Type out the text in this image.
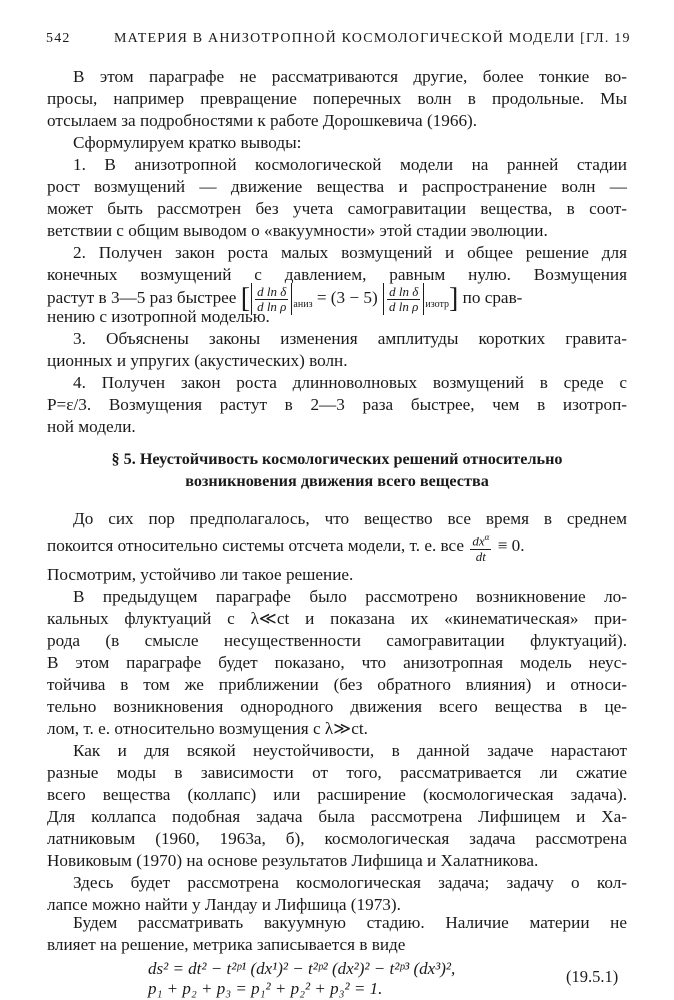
542	МАТЕРИЯ В АНИЗОТРОПНОЙ КОСМОЛОГИЧЕСКОЙ МОДЕЛИ [ГЛ. 19
В этом параграфе не рассматриваются другие, более тонкие во-
просы, например превращение поперечных волн в продольные. Мы
отсылаем за подробностями к работе Дорошкевича (1966).
Сформулируем кратко выводы:
1. В анизотропной космологической модели на ранней стадии
рост возмущений — движение вещества и распространение волн —
может быть рассмотрен без учета самогравитации вещества, в соот-
ветствии с общим выводом о «вакуумности» этой стадии эволюции.
2. Получен закон роста малых возмущений и общее решение для
конечных возмущений с давлением, равным нулю. Возмущения
растут в 3—5 раз быстрее [ $\frac{\text{d ln δ}}{\text{d ln ρ}} _{аниз} = (3 - 5) \frac{\text{d ln δ}}{\text{d ln ρ}} _{изотр}$] по срав-
нению с изотропной моделью.
3. Объяснены законы изменения амплитуды коротких гравита-
ционных и упругих (акустических) волн.
4. Получен закон роста длинноволновых возмущений в среде с
P=ε/3. Возмущения растут в 2—3 раза быстрее, чем в изотроп-
ной модели.
§ 5. Неустойчивость космологических решений относительно
возникновения движения всего вещества
До сих пор предполагалось, что вещество все время в среднем
покоится относительно системы отсчета модели, т. е. все $\frac{dx^\alpha}{dt} \equiv 0$.
Посмотрим, устойчиво ли такое решение.
В предыдущем параграфе было рассмотрено возникновение ло-
кальных флуктуаций с λ≪ct и показана их «кинематическая» при-
рода (в смысле несущественности самогравитации флуктуаций).
В этом параграфе будет показано, что анизотропная модель неус-
тойчива в том же приближении (без обратного влияния) и относи-
тельно возникновения однородного движения всего вещества в це-
лом, т. е. относительно возмущения с λ≫ct.
Как и для всякой неустойчивости, в данной задаче нарастают
разные моды в зависимости от того, рассматривается ли сжатие
всего вещества (коллапс) или расширение (космологическая задача).
Для коллапса подобная задача была рассмотрена Лифшицем и Ха-
латниковым (1960, 1963а, б), космологическая задача рассмотрена
Новиковым (1970) на основе результатов Лифшица и Халатникова.
Здесь будет рассмотрена космологическая задача; задачу о кол-
лапсе можно найти у Ландау и Лифшица (1973).
Будем рассматривать вакуумную стадию. Наличие материи не
влияет на решение, метрика записывается в виде
ds² = dt² − t²ᵖ¹ (dx¹)² − t²ᵖ² (dx²)² − t²ᵖ³ (dx³)²,
p₁ + p₂ + p₃ = p₁² + p₂² + p₃² = 1.
(19.5.1)
